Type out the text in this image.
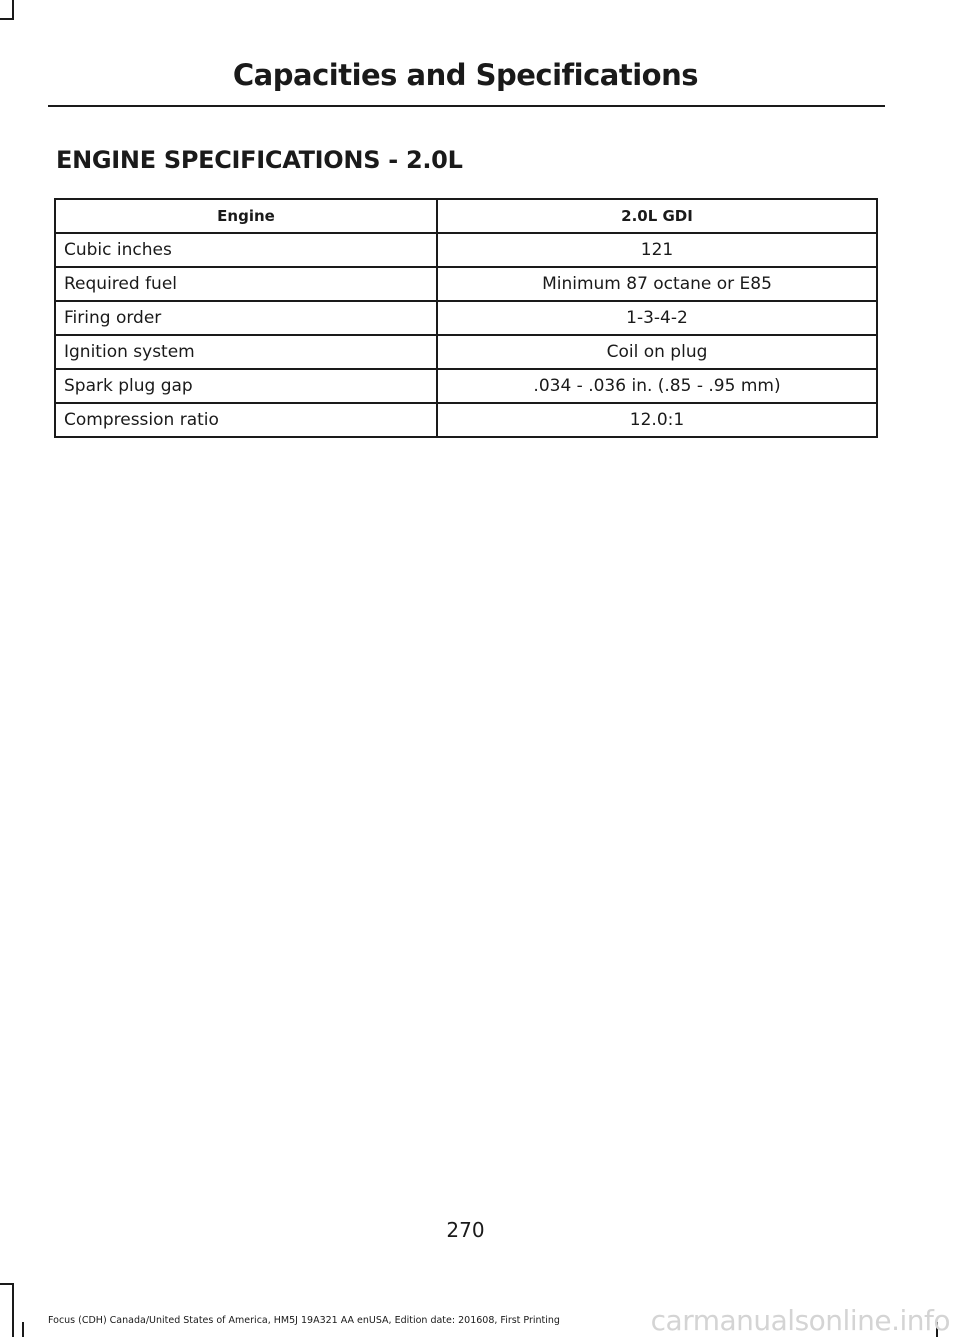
Capacities and Specifications
ENGINE SPECIFICATIONS - 2.0L
Engine	2.0L GDI
Cubic inches	121
Required fuel	Minimum 87 octane or E85
Firing order	1-3-4-2
Ignition system	Coil on plug
Spark plug gap	.034 - .036 in. (.85 - .95 mm)
Compression ratio	12.0:1
270
Focus (CDH) Canada/United States of America, HM5J 19A321 AA enUSA, Edition date: 201608, First Printing	carmanualsonline.info
